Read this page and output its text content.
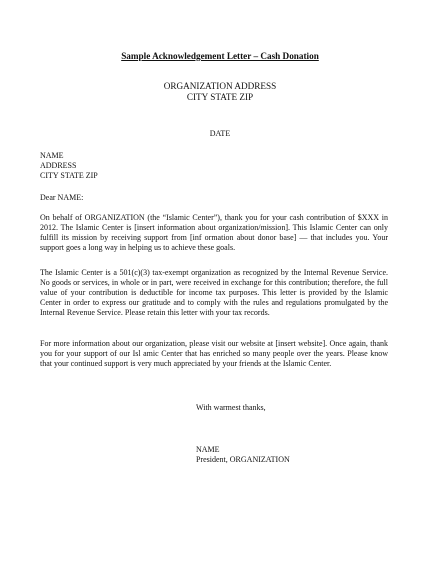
Sample Acknowledgement Letter – Cash Donation
ORGANIZATION ADDRESS
CITY STATE ZIP
DATE
NAME
ADDRESS
CITY STATE ZIP
Dear NAME:

On behalf of ORGANIZATION (the “Islamic Center”), thank you for your cash contribution of $XXX in 2012. The Islamic Center is [insert information about organization/mission]. This Islamic Center can only fulfill its mission by receiving support from [inf ormation about donor base] — that includes you. Your support goes a long way in helping us to achieve these goals.

The Islamic Center is a 501(c)(3) tax-exempt organization as recognized by the Internal Revenue Service. No goods or services, in whole or in part, were received in exchange for this contribution; therefore, the full value of your contribution is deductible for income tax purposes. This letter is provided by the Islamic Center in order to express our gratitude and to comply with the rules and regulations promulgated by the Internal Revenue Service. Please retain this letter with your tax records.

For more information about our organization, please visit our website at [insert website]. Once again, thank you for your support of our Isl amic Center that has enriched so many people over the years. Please know that your continued support is very much appreciated by your friends at the Islamic Center.

With warmest thanks,
NAME
President, ORGANIZATION
